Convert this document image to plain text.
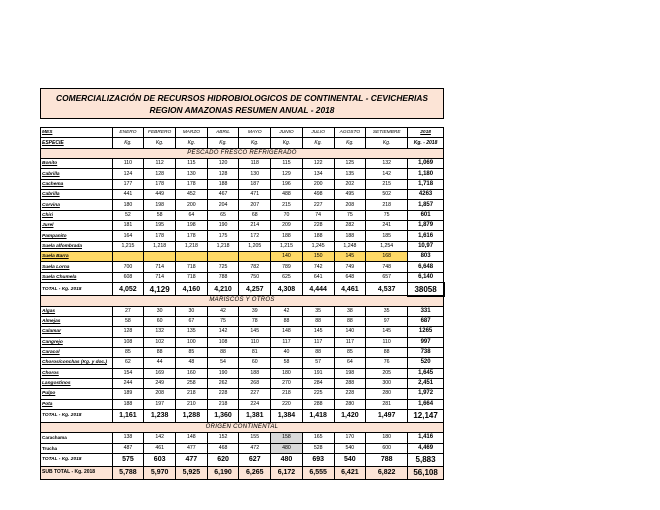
COMERCIALIZACIÓN DE RECURSOS HIDROBIOLOGICOS DE CONTINENTAL - CEVICHERIAS
REGION AMAZONAS RESUMEN ANUAL - 2018
MES	ENERO	FEBRERO	MARZO	ABRIL	MAYO	JUNIO	JULIO	AGOSTO	SETIEMBRE	2018
ESPECIE	Kg.	Kg.	Kg.	Kg.	Kg.	Kg.	Kg.	Kg.	Kg.	Kg. - 2018
PESCADO FRESCO REFRIGERADO										
Bonito	110	112	115	120	118	115	122	125	132	1,069
Cabrilla	124	128	130	128	130	129	134	135	142	1,180
Cachema	177	178	178	188	187	196	200	202	215	1,718
Cabrilla	441	449	452	467	471	488	498	495	502	4263
Corvina	180	198	200	204	207	215	227	208	218	1,857
Chiri	52	58	64	65	68	70	74	75	75	601
Jurel	181	195	198	190	214	209	228	282	241	1,879
Pampanito	164	178	178	175	172	188	188	188	185	1,616
Suela alfombrada	1,215	1,218	1,218	1,218	1,205	1,215	1,245	1,248	1,254	10,97
Suela Barra						140	150	145	168	803
Suela Lorna	700	714	718	725	782	789	742	749	748	6,648
Suela Chumela	608	714	718	788	750	625	641	648	657	6,140
TOTAL - Kg. 2018	4,052	4,129	4,160	4,210	4,257	4,308	4,444	4,461	4,537	38058
MARISCOS Y OTROS										
Algas	27	30	30	42	39	42	35	38	35	331
Almejas	58	60	67	75	78	88	88	88	97	687
Calamar	128	132	135	142	145	148	145	140	145	1265
Cangrejo	108	102	100	108	110	117	117	117	110	997
Caracol	85	88	85	88	81	40	88	85	88	738
Choros/conchas (Kg. y doc.)	62	44	48	54	60	58	57	64	76	520
Choros	154	169	160	190	188	180	191	198	205	1,645
Langostinos	244	249	258	262	268	270	284	288	300	2,451
Pulpo	189	208	218	228	227	218	225	228	280	1,972
Pota	188	197	210	218	224	220	288	280	281	1,664
TOTAL - Kg. 2018	1,161	1,238	1,288	1,360	1,381	1,384	1,418	1,420	1,497	12,147
ORIGEN CONTINENTAL										
Carachama	138	142	148	152	155	158	165	170	180	1,416
Trucha	487	461	477	468	472	480	528	540	600	4,469
TOTAL - Kg. 2018	575	603	477	620	627	480	693	540	788	5,883
SUB TOTAL - Kg. 2018	5,788	5,970	5,925	6,190	6,265	6,172	6,555	6,421	6,822	56,108
